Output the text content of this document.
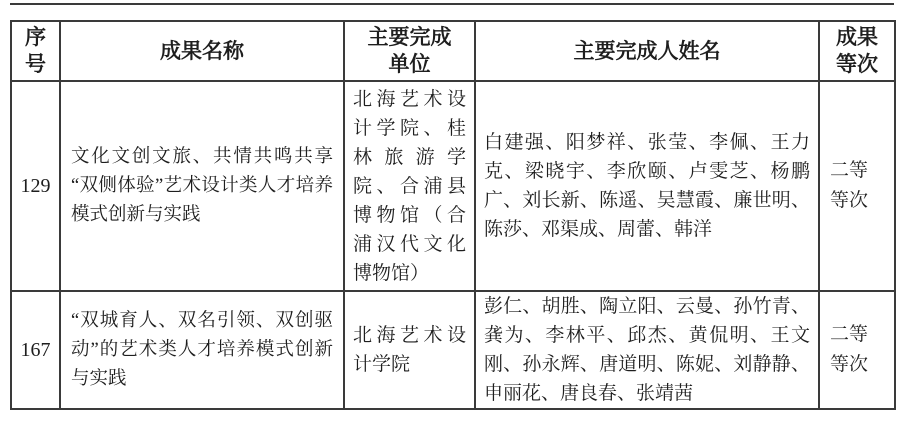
序号	成果名称	主要完成单位	主要完成人姓名	成果等次
129	文化文创文旅、共情共鸣共享“双侧体验”艺术设计类人才培养模式创新与实践	北海艺术设计学院、桂林旅游学院、合浦县博物馆（合浦汉代文化博物馆）	白建强、阳梦祥、张莹、李佩、王力克、梁晓宇、李欣颐、卢雯芝、杨鹏广、刘长新、陈遥、吴慧霞、廉世明、陈莎、邓渠成、周蕾、韩洋	二等等次
167	“双城育人、双名引领、双创驱动”的艺术类人才培养模式创新与实践	北海艺术设计学院	彭仁、胡胜、陶立阳、云曼、孙竹青、龚为、李林平、邱杰、黄侃明、王文刚、孙永辉、唐道明、陈妮、刘静静、申丽花、唐良春、张靖茜	二等等次
